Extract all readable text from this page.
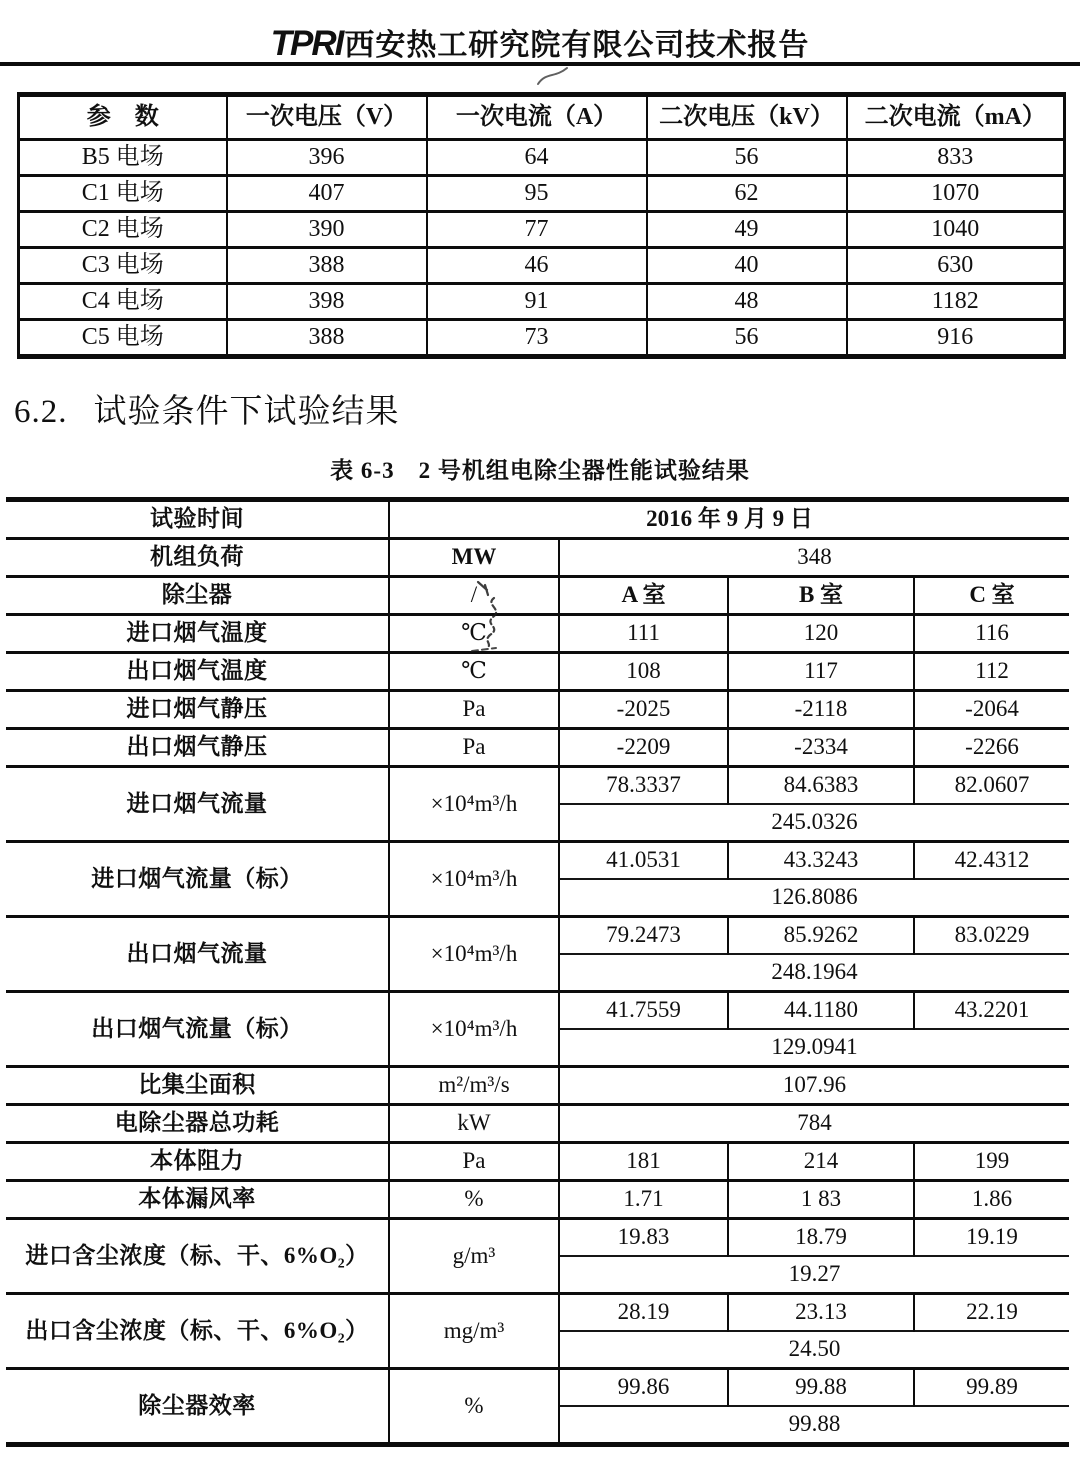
TPRI西安热工研究院有限公司技术报告
参　数	一次电压（V）	一次电流（A）	二次电压（kV）	二次电流（mA）
B5 电场	396	64	56	833
C1 电场	407	95	62	1070
C2 电场	390	77	49	1040
C3 电场	388	46	40	630
C4 电场	398	91	48	1182
C5 电场	388	73	56	916
6.2. 试验条件下试验结果
表 6-3　2 号机组电除尘器性能试验结果
试验时间	2016 年 9 月 9 日			
机组负荷	MW	348		
除尘器	/	A 室	B 室	C 室
进口烟气温度	℃	111	120	116
出口烟气温度	℃	108	117	112
进口烟气静压	Pa	-2025	-2118	-2064
出口烟气静压	Pa	-2209	-2334	-2266
进口烟气流量	×10⁴m³/h	78.3337	84.6383	82.0607
		245.0326		
进口烟气流量（标）	×10⁴m³/h	41.0531	43.3243	42.4312
		126.8086		
出口烟气流量	×10⁴m³/h	79.2473	85.9262	83.0229
		248.1964		
出口烟气流量（标）	×10⁴m³/h	41.7559	44.1180	43.2201
		129.0941		
比集尘面积	m²/m³/s	107.96		
电除尘器总功耗	kW	784		
本体阻力	Pa	181	214	199
本体漏风率	%	1.71	1 83	1.86
进口含尘浓度（标、干、6%O₂）	g/m³	19.83	18.79	19.19
		19.27		
出口含尘浓度（标、干、6%O₂）	mg/m³	28.19	23.13	22.19
		24.50		
除尘器效率	%	99.86	99.88	99.89
		99.88		
